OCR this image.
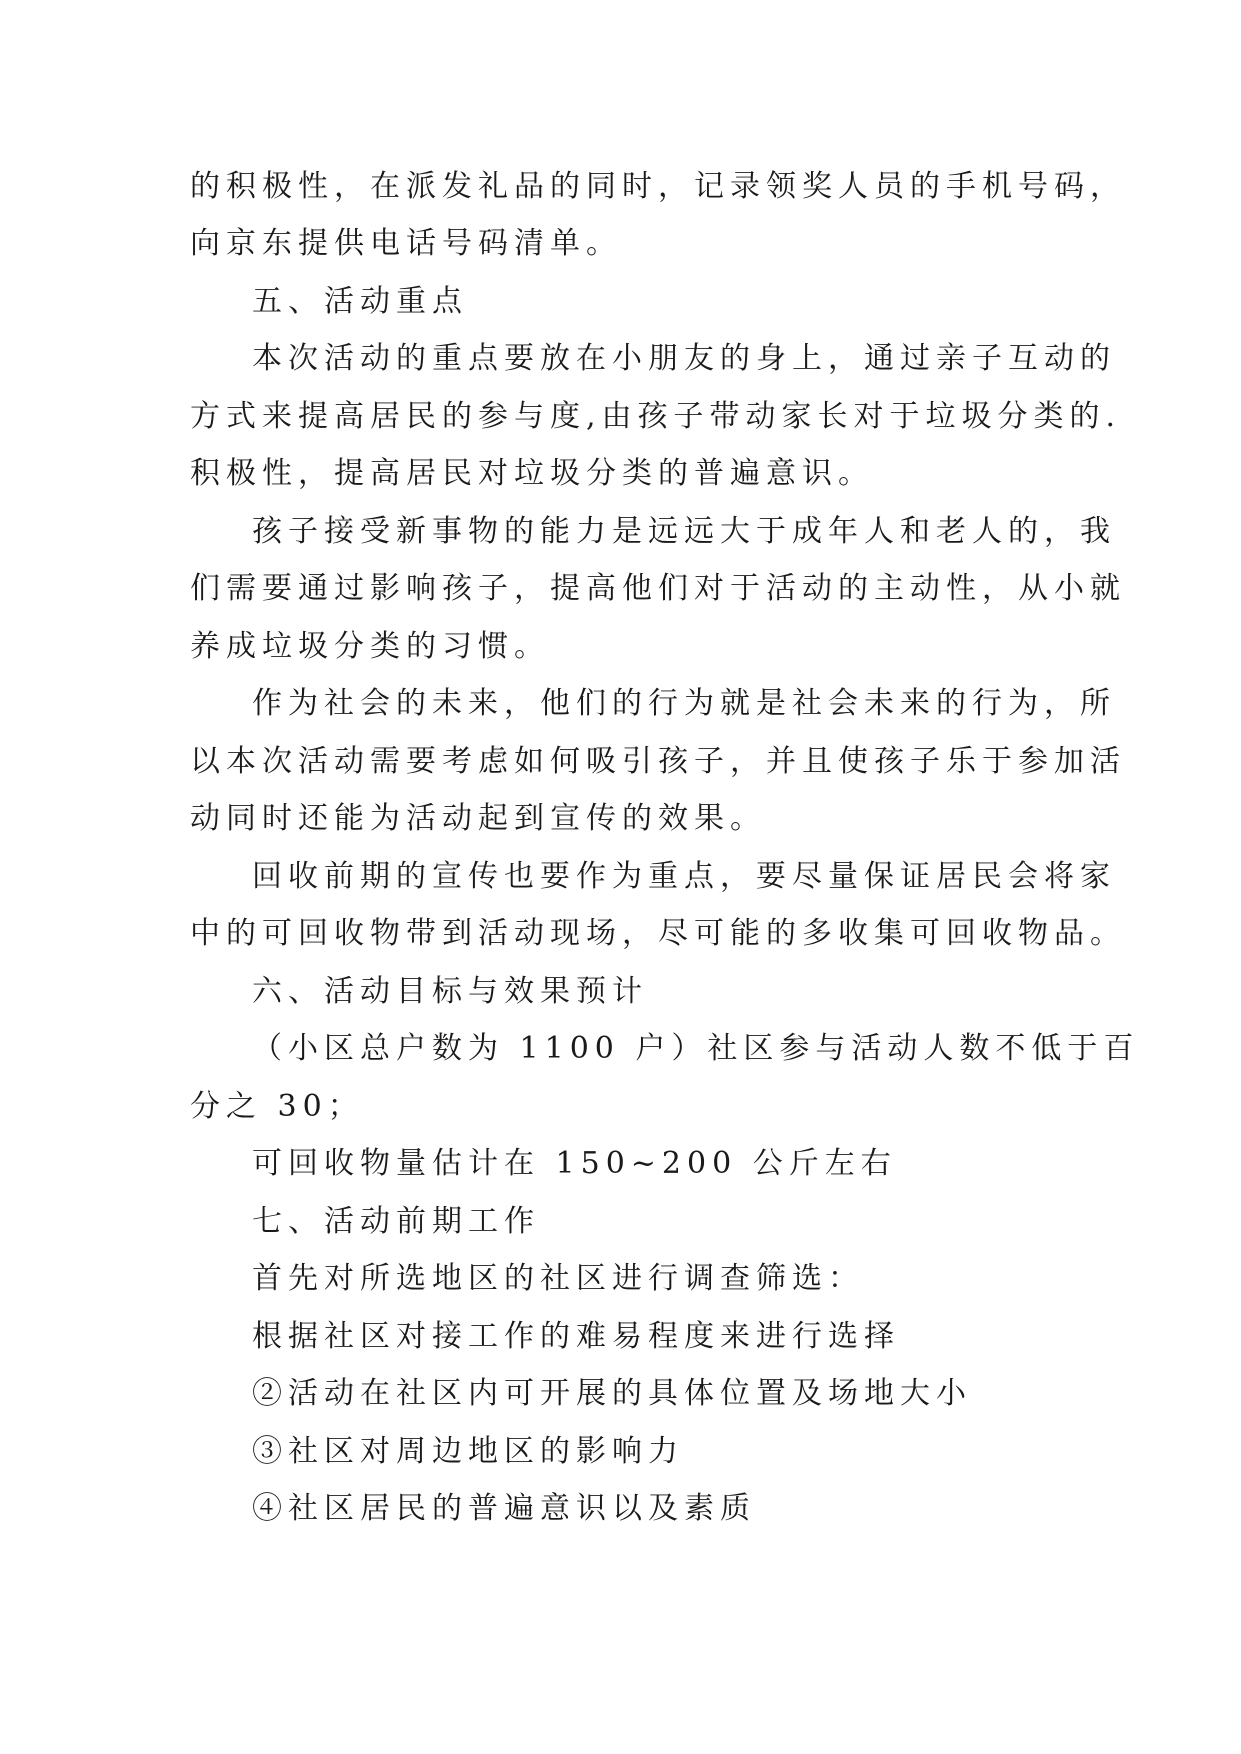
的积极性，在派发礼品的同时，记录领奖人员的手机号码，
向京东提供电话号码清单。
五、活动重点
本次活动的重点要放在小朋友的身上，通过亲子互动的
方式来提高居民的参与度,由孩子带动家长对于垃圾分类的.
积极性，提高居民对垃圾分类的普遍意识。
孩子接受新事物的能力是远远大于成年人和老人的，我
们需要通过影响孩子，提高他们对于活动的主动性，从小就
养成垃圾分类的习惯。
作为社会的未来，他们的行为就是社会未来的行为，所
以本次活动需要考虑如何吸引孩子，并且使孩子乐于参加活
动同时还能为活动起到宣传的效果。
回收前期的宣传也要作为重点，要尽量保证居民会将家
中的可回收物带到活动现场，尽可能的多收集可回收物品。
六、活动目标与效果预计
（小区总户数为 1100 户）社区参与活动人数不低于百
分之 30；
可回收物量估计在 150~200 公斤左右
七、活动前期工作
首先对所选地区的社区进行调查筛选：
根据社区对接工作的难易程度来进行选择
②活动在社区内可开展的具体位置及场地大小
③社区对周边地区的影响力
④社区居民的普遍意识以及素质
